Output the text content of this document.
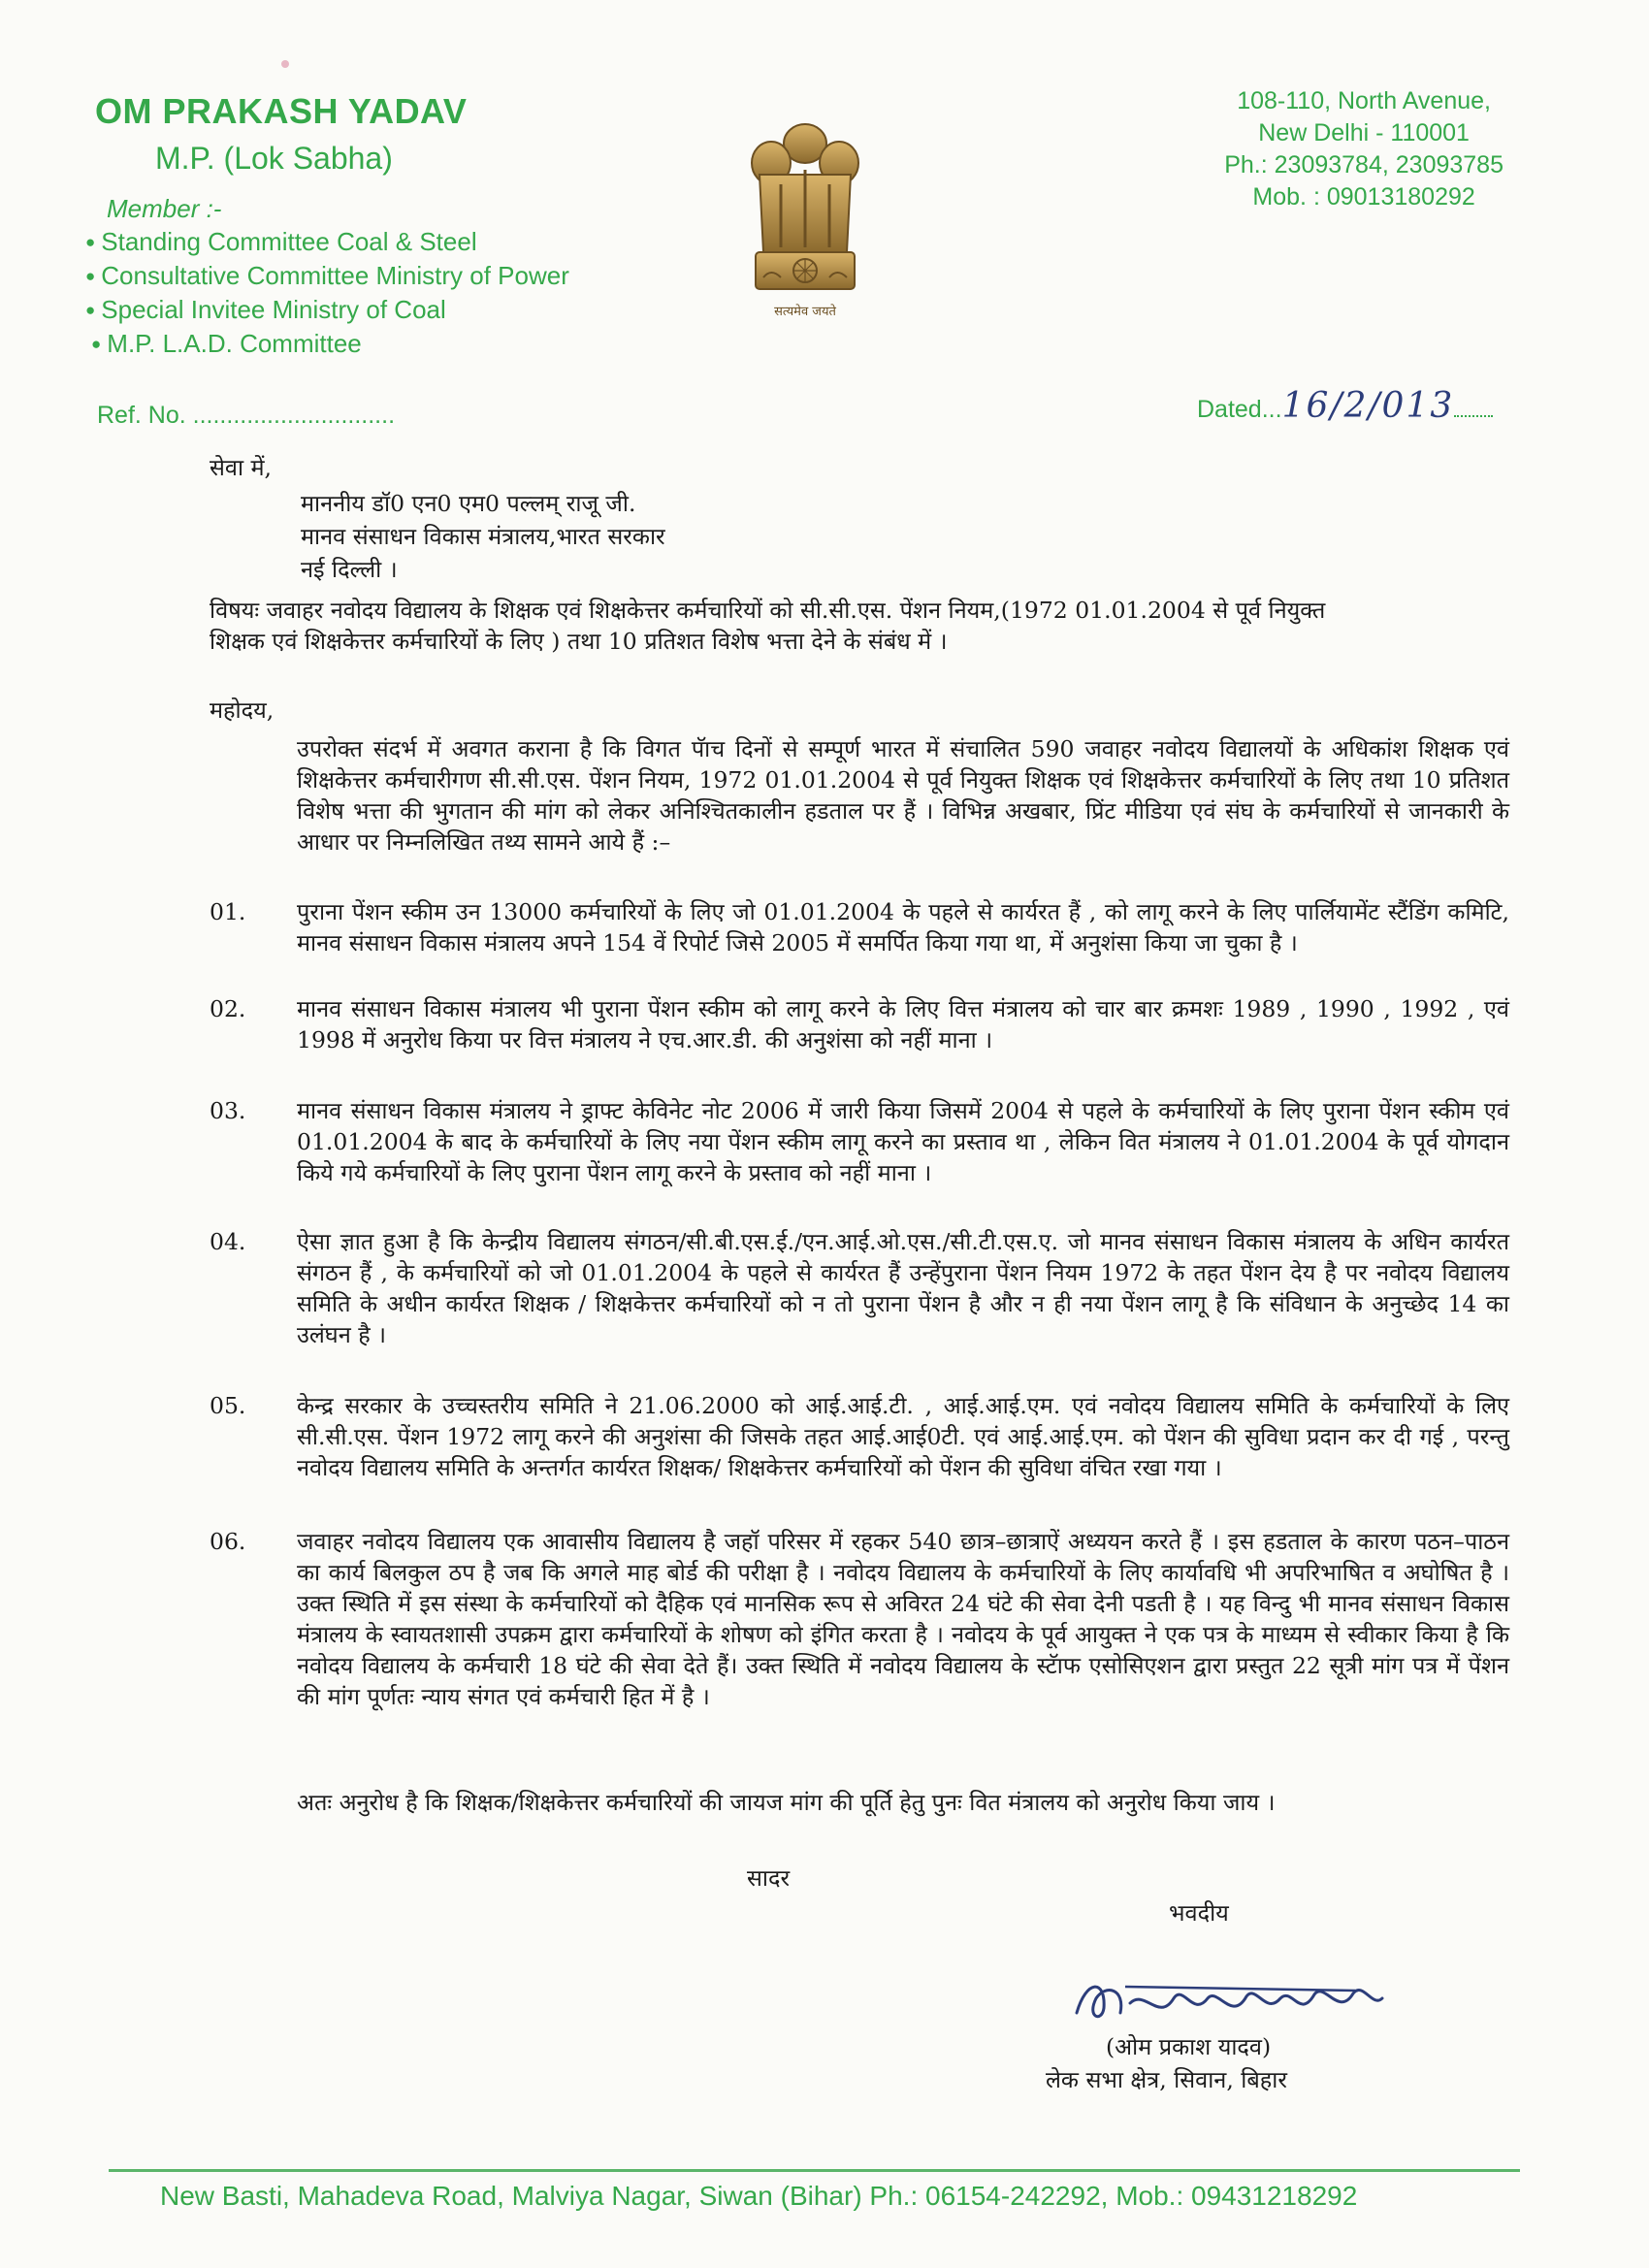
OM PRAKASH YADAV
M.P. (Lok Sabha)
Member :-
● Standing Committee Coal & Steel
● Consultative Committee Ministry of Power
● Special Invitee Ministry of Coal
● M.P. L.A.D. Committee
सत्यमेव जयते
108-110, North Avenue,
New Delhi - 110001
Ph.: 23093784, 23093785
Mob. : 09013180292
Ref. No. ..............................	Dated...16/2/013
सेवा में,
माननीय डॉ0 एन0 एम0 पल्लम् राजू जी.
मानव संसाधन विकास मंत्रालय,भारत सरकार
नई दिल्ली ।
विषयः जवाहर नवोदय विद्यालय के शिक्षक एवं शिक्षकेत्तर कर्मचारियों को सी.सी.एस. पेंशन नियम,(1972 01.01.2004 से पूर्व नियुक्त शिक्षक एवं शिक्षकेत्तर कर्मचारियों के लिए ) तथा 10 प्रतिशत विशेष भत्ता देने के संबंध में ।
महोदय,
उपरोक्त संदर्भ में अवगत कराना है कि विगत पॅाच दिनों से सम्पूर्ण भारत में संचालित 590 जवाहर नवोदय विद्यालयों के अधिकांश शिक्षक एवं शिक्षकेत्तर कर्मचारीगण सी.सी.एस. पेंशन नियम, 1972 01.01.2004 से पूर्व नियुक्त शिक्षक एवं शिक्षकेत्तर कर्मचारियों के लिए तथा 10 प्रतिशत विशेष भत्ता की भुगतान की मांग को लेकर अनिश्चितकालीन हडताल पर हैं । विभिन्न अखबार, प्रिंट मीडिया एवं संघ के कर्मचारियों से जानकारी के आधार पर निम्नलिखित तथ्य सामने आये हैं :–
01.	पुराना पेंशन स्कीम उन 13000 कर्मचारियों के लिए जो 01.01.2004 के पहले से कार्यरत हैं , को लागू करने के लिए पार्लियामेंट स्टैंडिंग कमिटि, मानव संसाधन विकास मंत्रालय अपने 154 वें रिपोर्ट जिसे 2005 में समर्पित किया गया था, में अनुशंसा किया जा चुका है ।
02.	मानव संसाधन विकास मंत्रालय भी पुराना पेंशन स्कीम को लागू करने के लिए वित्त मंत्रालय को चार बार क्रमशः 1989 , 1990 , 1992 , एवं 1998 में अनुरोध किया पर वित्त मंत्रालय ने एच.आर.डी. की अनुशंसा को नहीं माना ।
03.	मानव संसाधन विकास मंत्रालय ने ड्राफ्ट केविनेट नोट 2006 में जारी किया जिसमें 2004 से पहले के कर्मचारियों के लिए पुराना पेंशन स्कीम एवं 01.01.2004 के बाद के कर्मचारियों के लिए नया पेंशन स्कीम लागू करने का प्रस्ताव था , लेकिन वित मंत्रालय ने 01.01.2004 के पूर्व योगदान किये गये कर्मचारियों के लिए पुराना पेंशन लागू करने के प्रस्ताव को नहीं माना ।
04.	ऐसा ज्ञात हुआ है कि केन्द्रीय विद्यालय संगठन/सी.बी.एस.ई./एन.आई.ओ.एस./सी.टी.एस.ए. जो मानव संसाधन विकास मंत्रालय के अधिन कार्यरत संगठन हैं , के कर्मचारियों को जो 01.01.2004 के पहले से कार्यरत हैं उन्हेंपुराना पेंशन नियम 1972 के तहत पेंशन देय है पर नवोदय विद्यालय समिति के अधीन कार्यरत शिक्षक / शिक्षकेत्तर कर्मचारियों को न तो पुराना पेंशन है और न ही नया पेंशन लागू है कि संविधान के अनुच्छेद 14 का उलंघन है ।
05.	केन्द्र सरकार के उच्चस्तरीय समिति ने 21.06.2000 को आई.आई.टी. , आई.आई.एम. एवं नवोदय विद्यालय समिति के कर्मचारियों के लिए सी.सी.एस. पेंशन 1972 लागू करने की अनुशंसा की जिसके तहत आई.आई0टी. एवं आई.आई.एम. को पेंशन की सुविधा प्रदान कर दी गई , परन्तु नवोदय विद्यालय समिति के अन्तर्गत कार्यरत शिक्षक/ शिक्षकेत्तर कर्मचारियों को पेंशन की सुविधा वंचित रखा गया ।
06.	जवाहर नवोदय विद्यालय एक आवासीय विद्यालय है जहॉ परिसर में रहकर 540 छात्र–छात्राऐं अध्ययन करते हैं । इस हडताल के कारण पठन–पाठन का कार्य बिलकुल ठप है जब कि अगले माह बोर्ड की परीक्षा है । नवोदय विद्यालय के कर्मचारियों के लिए कार्यावधि भी अपरिभाषित व अघोषित है । उक्त स्थिति में इस संस्था के कर्मचारियों को दैहिक एवं मानसिक रूप से अविरत 24 घंटे की सेवा देनी पडती है । यह विन्दु भी मानव संसाधन विकास मंत्रालय के स्वायतशासी उपक्रम द्वारा कर्मचारियों के शोषण को इंगित करता है । नवोदय के पूर्व आयुक्त ने एक पत्र के माध्यम से स्वीकार किया है कि नवोदय विद्यालय के कर्मचारी 18 घंटे की सेवा देते हैं। उक्त स्थिति में नवोदय विद्यालय के स्टॅाफ एसोसिएशन द्वारा प्रस्तुत 22 सूत्री मांग पत्र में पेंशन की मांग पूर्णतः न्याय संगत एवं कर्मचारी हित में है ।
अतः अनुरोध है कि शिक्षक/शिक्षकेत्तर कर्मचारियों की जायज मांग की पूर्ति हेतु पुनः वित मंत्रालय को अनुरोध किया जाय ।
सादर
भवदीय
(ओम प्रकाश यादव)
लेक सभा क्षेत्र, सिवान, बिहार
New Basti, Mahadeva Road, Malviya Nagar, Siwan (Bihar) Ph.: 06154-242292, Mob.: 09431218292
